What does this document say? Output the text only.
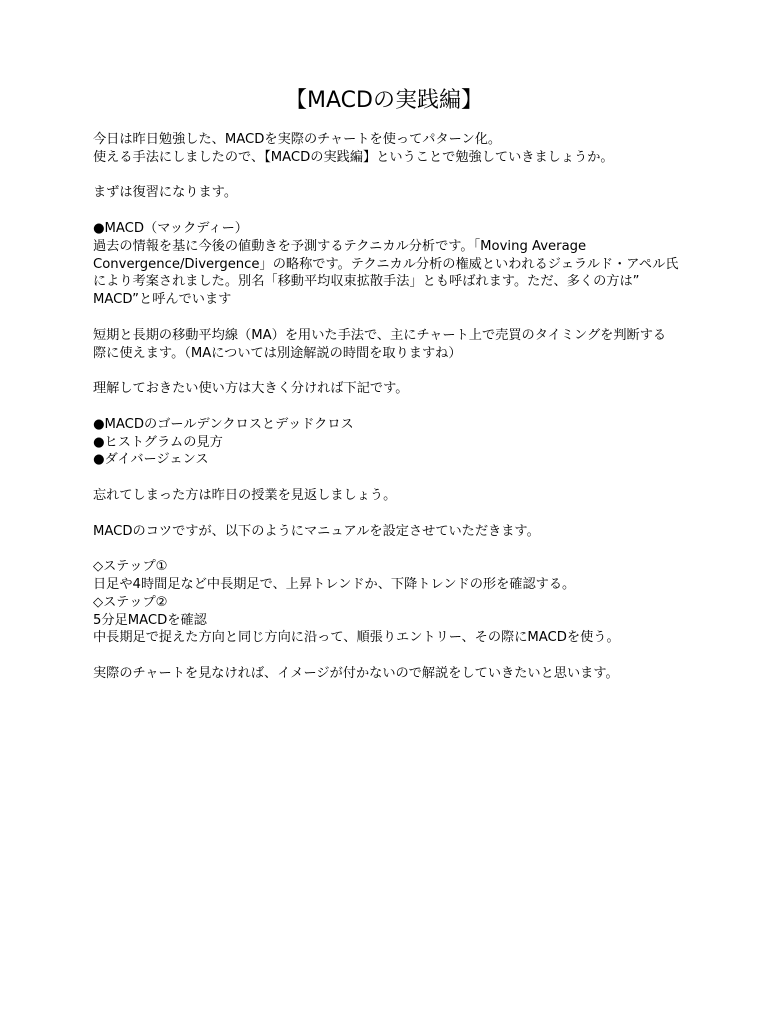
【MACDの実践編】

今日は昨日勉強した、MACDを実際のチャートを使ってパターン化。

使える手法にしましたので、【MACDの実践編】ということで勉強していきましょうか。

まずは復習になります。

●MACD（マックディー）

過去の情報を基に今後の値動きを予測するテクニカル分析です。「Moving Average

Convergence/Divergence」の略称です。テクニカル分析の権威といわれるジェラルド・アペル氏

により考案されました。別名「移動平均収束拡散手法」とも呼ばれます。ただ、多くの方は”

MACD”と呼んでいます

短期と長期の移動平均線（MA）を用いた手法で、主にチャート上で売買のタイミングを判断する

際に使えます。（MAについては別途解説の時間を取りますね）

理解しておきたい使い方は大きく分ければ下記です。

●MACDのゴールデンクロスとデッドクロス

●ヒストグラムの見方

●ダイバージェンス

忘れてしまった方は昨日の授業を見返しましょう。

MACDのコツですが、以下のようにマニュアルを設定させていただきます。

◇ステップ①

日足や4時間足など中長期足で、上昇トレンドか、下降トレンドの形を確認する。

◇ステップ②

5分足MACDを確認

中長期足で捉えた方向と同じ方向に沿って、順張りエントリー、その際にMACDを使う。

実際のチャートを見なければ、イメージが付かないので解説をしていきたいと思います。
